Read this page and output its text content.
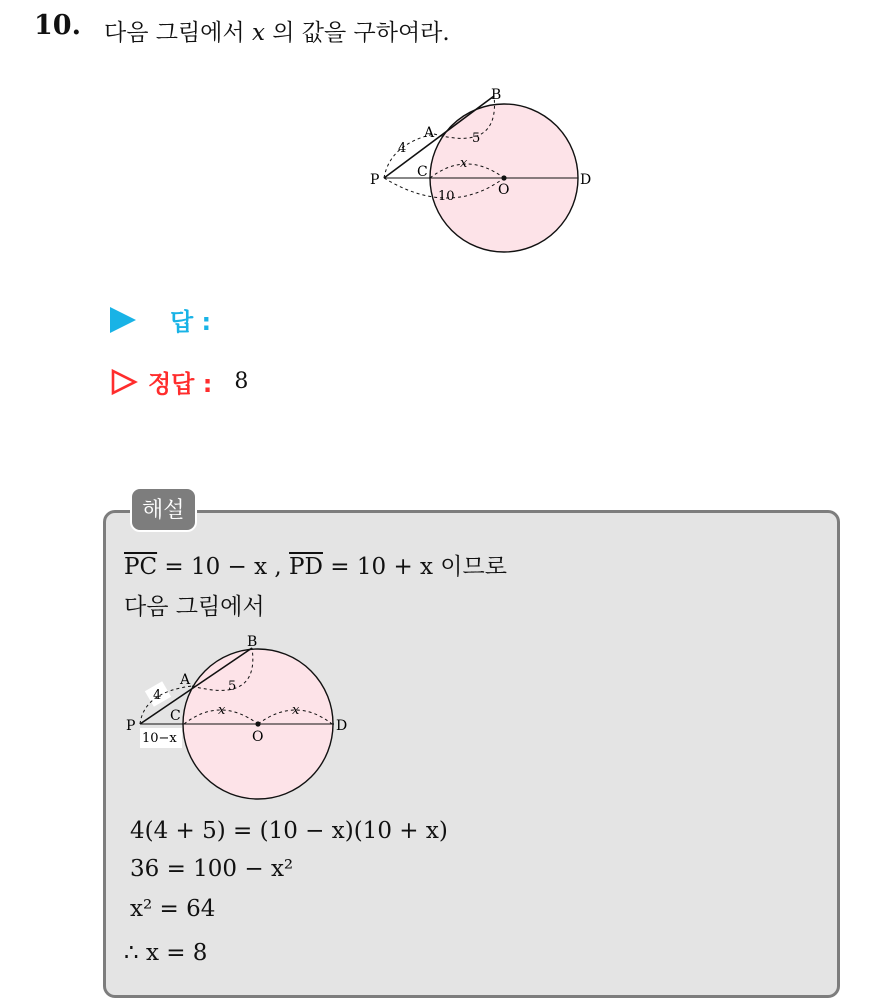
10. 다음 그림에서 x 의 값을 구하여라.
B
A
C
P
O
D
4
5
x
10
답 :
정답 : 8
해설
$\overline{PC} = 10 - x$ , $\overline{PD} = 10 + x$ 이므로
다음 그림에서
B
A
C
P
O
D
4
5
x	x
10−x
4(4 + 5) = (10 − x)(10 + x)
36 = 100 − x²
x² = 64
∴ x = 8
